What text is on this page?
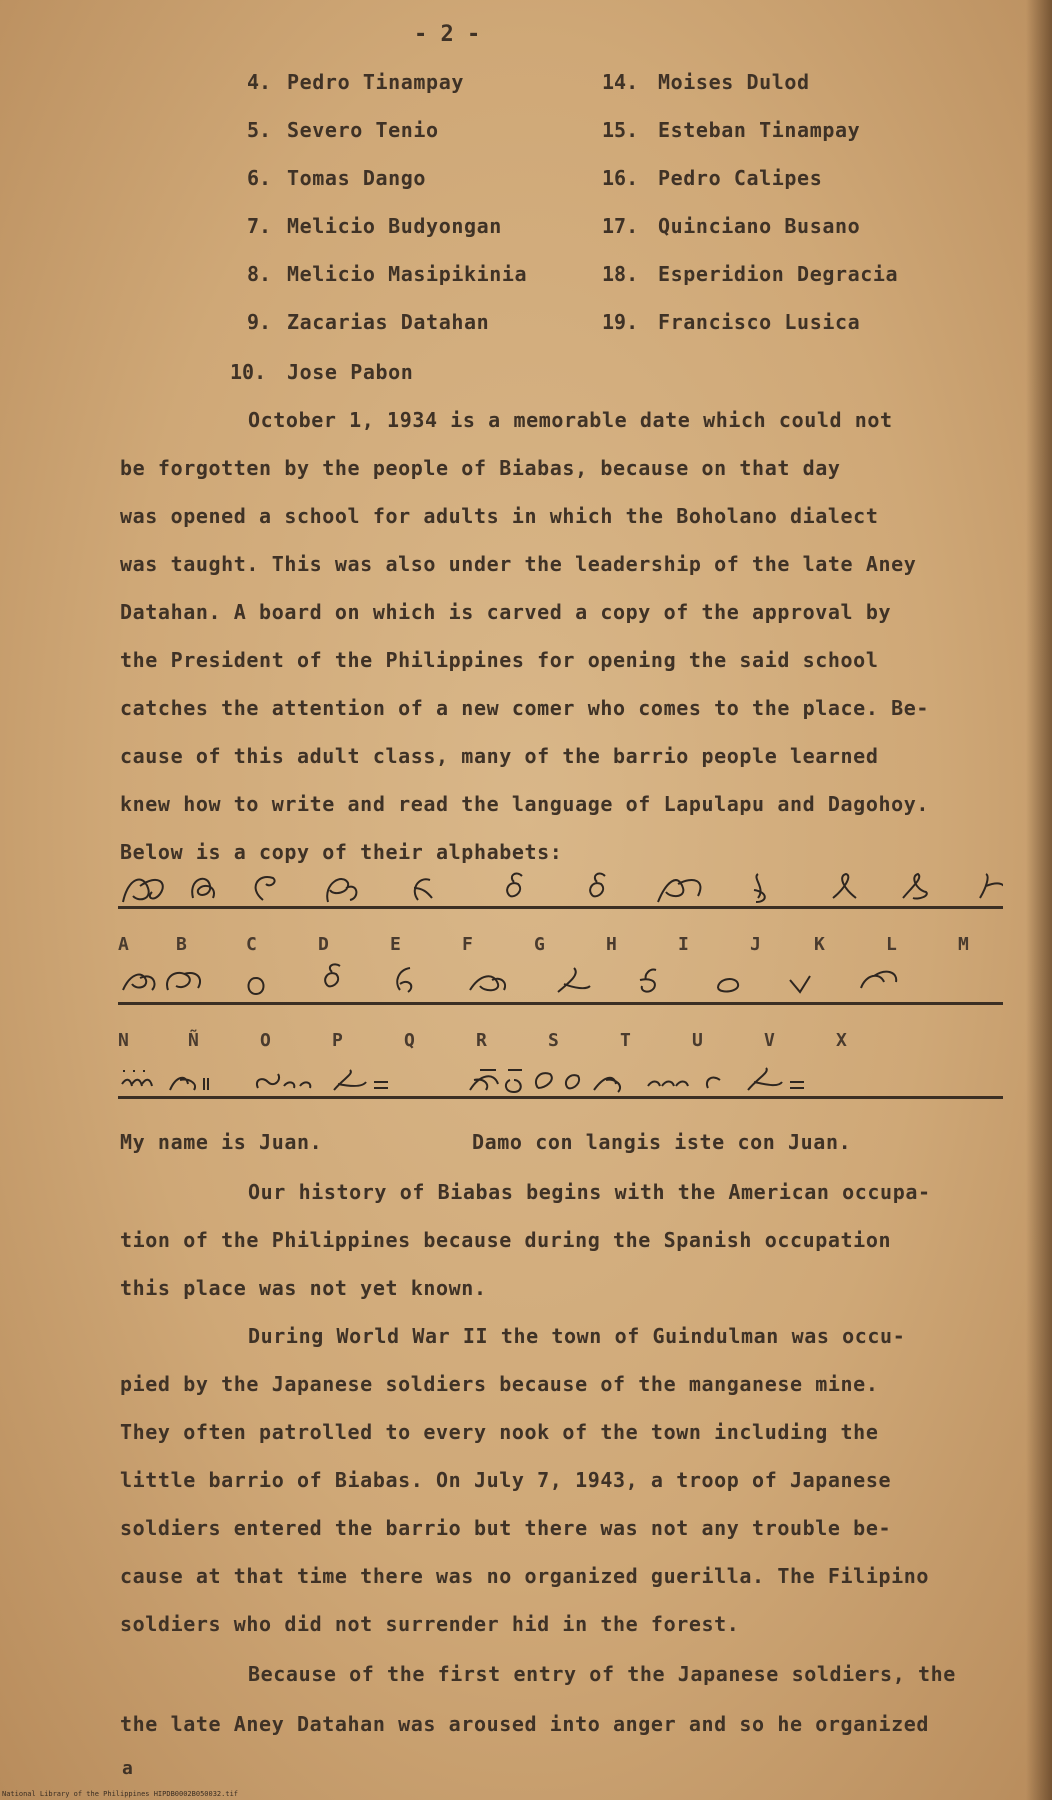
- 2 -
4. Pedro Tinampay
5. Severo Tenio
6. Tomas Dango
7. Melicio Budyongan
8. Melicio Masipikinia
9. Zacarias Datahan
10. Jose Pabon
14. Moises Dulod
15. Esteban Tinampay
16. Pedro Calipes
17. Quinciano Busano
18. Esperidion Degracia
19. Francisco Lusica
October 1, 1934 is a memorable date which could not
be forgotten by the people of Biabas, because on that day
was opened a school for adults in which the Boholano dialect
was taught. This was also under the leadership of the late Aney
Datahan. A board on which is carved a copy of the approval by
the President of the Philippines for opening the said school
catches the attention of a new comer who comes to the place. Be-
cause of this adult class, many of the barrio people learned
knew how to write and read the language of Lapulapu and Dagohoy.
Below is a copy of their alphabets:
A	B	C	D	E	F	G	H	I	J	K	L	M
N	Ñ	O	P	Q	R	S	T	U	V	X
My name is Juan.	Damo con langis iste con Juan.
Our history of Biabas begins with the American occupa-
tion of the Philippines because during the Spanish occupation
this place was not yet known.
During World War II the town of Guindulman was occu-
pied by the Japanese soldiers because of the manganese mine.
They often patrolled to every nook of the town including the
little barrio of Biabas. On July 7, 1943, a troop of Japanese
soldiers entered the barrio but there was not any trouble be-
cause at that time there was no organized guerilla. The Filipino
soldiers who did not surrender hid in the forest.
Because of the first entry of the Japanese soldiers, the
the late Aney Datahan was aroused into anger and so he organized
a
National Library of the Philippines HIPDB0002B050032.tif
